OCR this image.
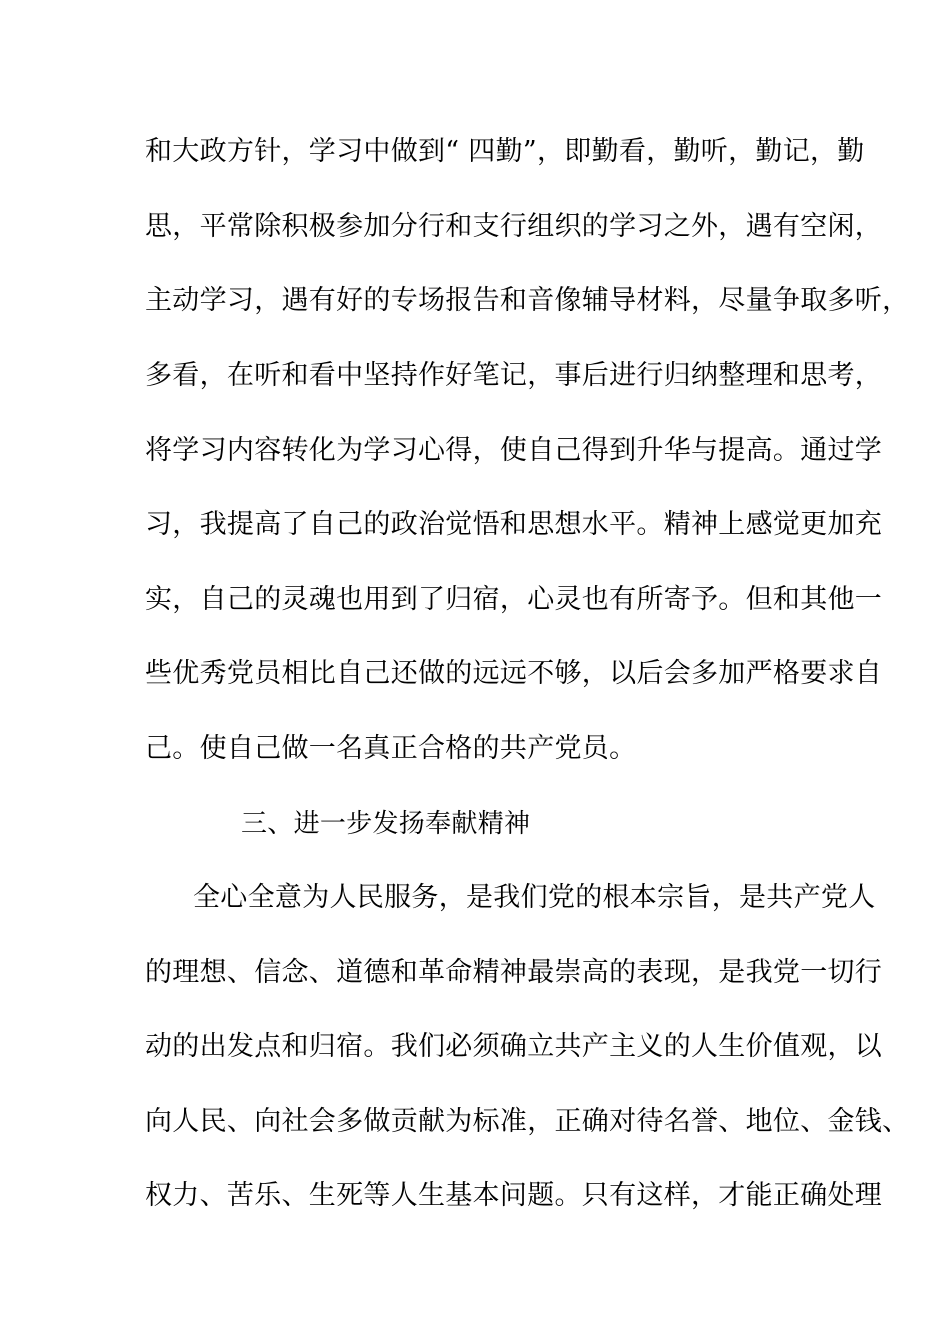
和大政方针，学习中做到“ 四勤”，即勤看，勤听，勤记，勤
思，平常除积极参加分行和支行组织的学习之外，遇有空闲，
主动学习，遇有好的专场报告和音像辅导材料，尽量争取多听，
多看，在听和看中坚持作好笔记，事后进行归纳整理和思考，
将学习内容转化为学习心得，使自己得到升华与提高。通过学
习，我提高了自己的政治觉悟和思想水平。精神上感觉更加充
实，自己的灵魂也用到了归宿，心灵也有所寄予。但和其他一
些优秀党员相比自己还做的远远不够，以后会多加严格要求自
己。使自己做一名真正合格的共产党员。
三、进一步发扬奉献精神
全心全意为人民服务，是我们党的根本宗旨，是共产党人
的理想、信念、道德和革命精神最崇高的表现，是我党一切行
动的出发点和归宿。我们必须确立共产主义的人生价值观，以
向人民、向社会多做贡献为标准，正确对待名誉、地位、金钱、
权力、苦乐、生死等人生基本问题。只有这样，才能正确处理
